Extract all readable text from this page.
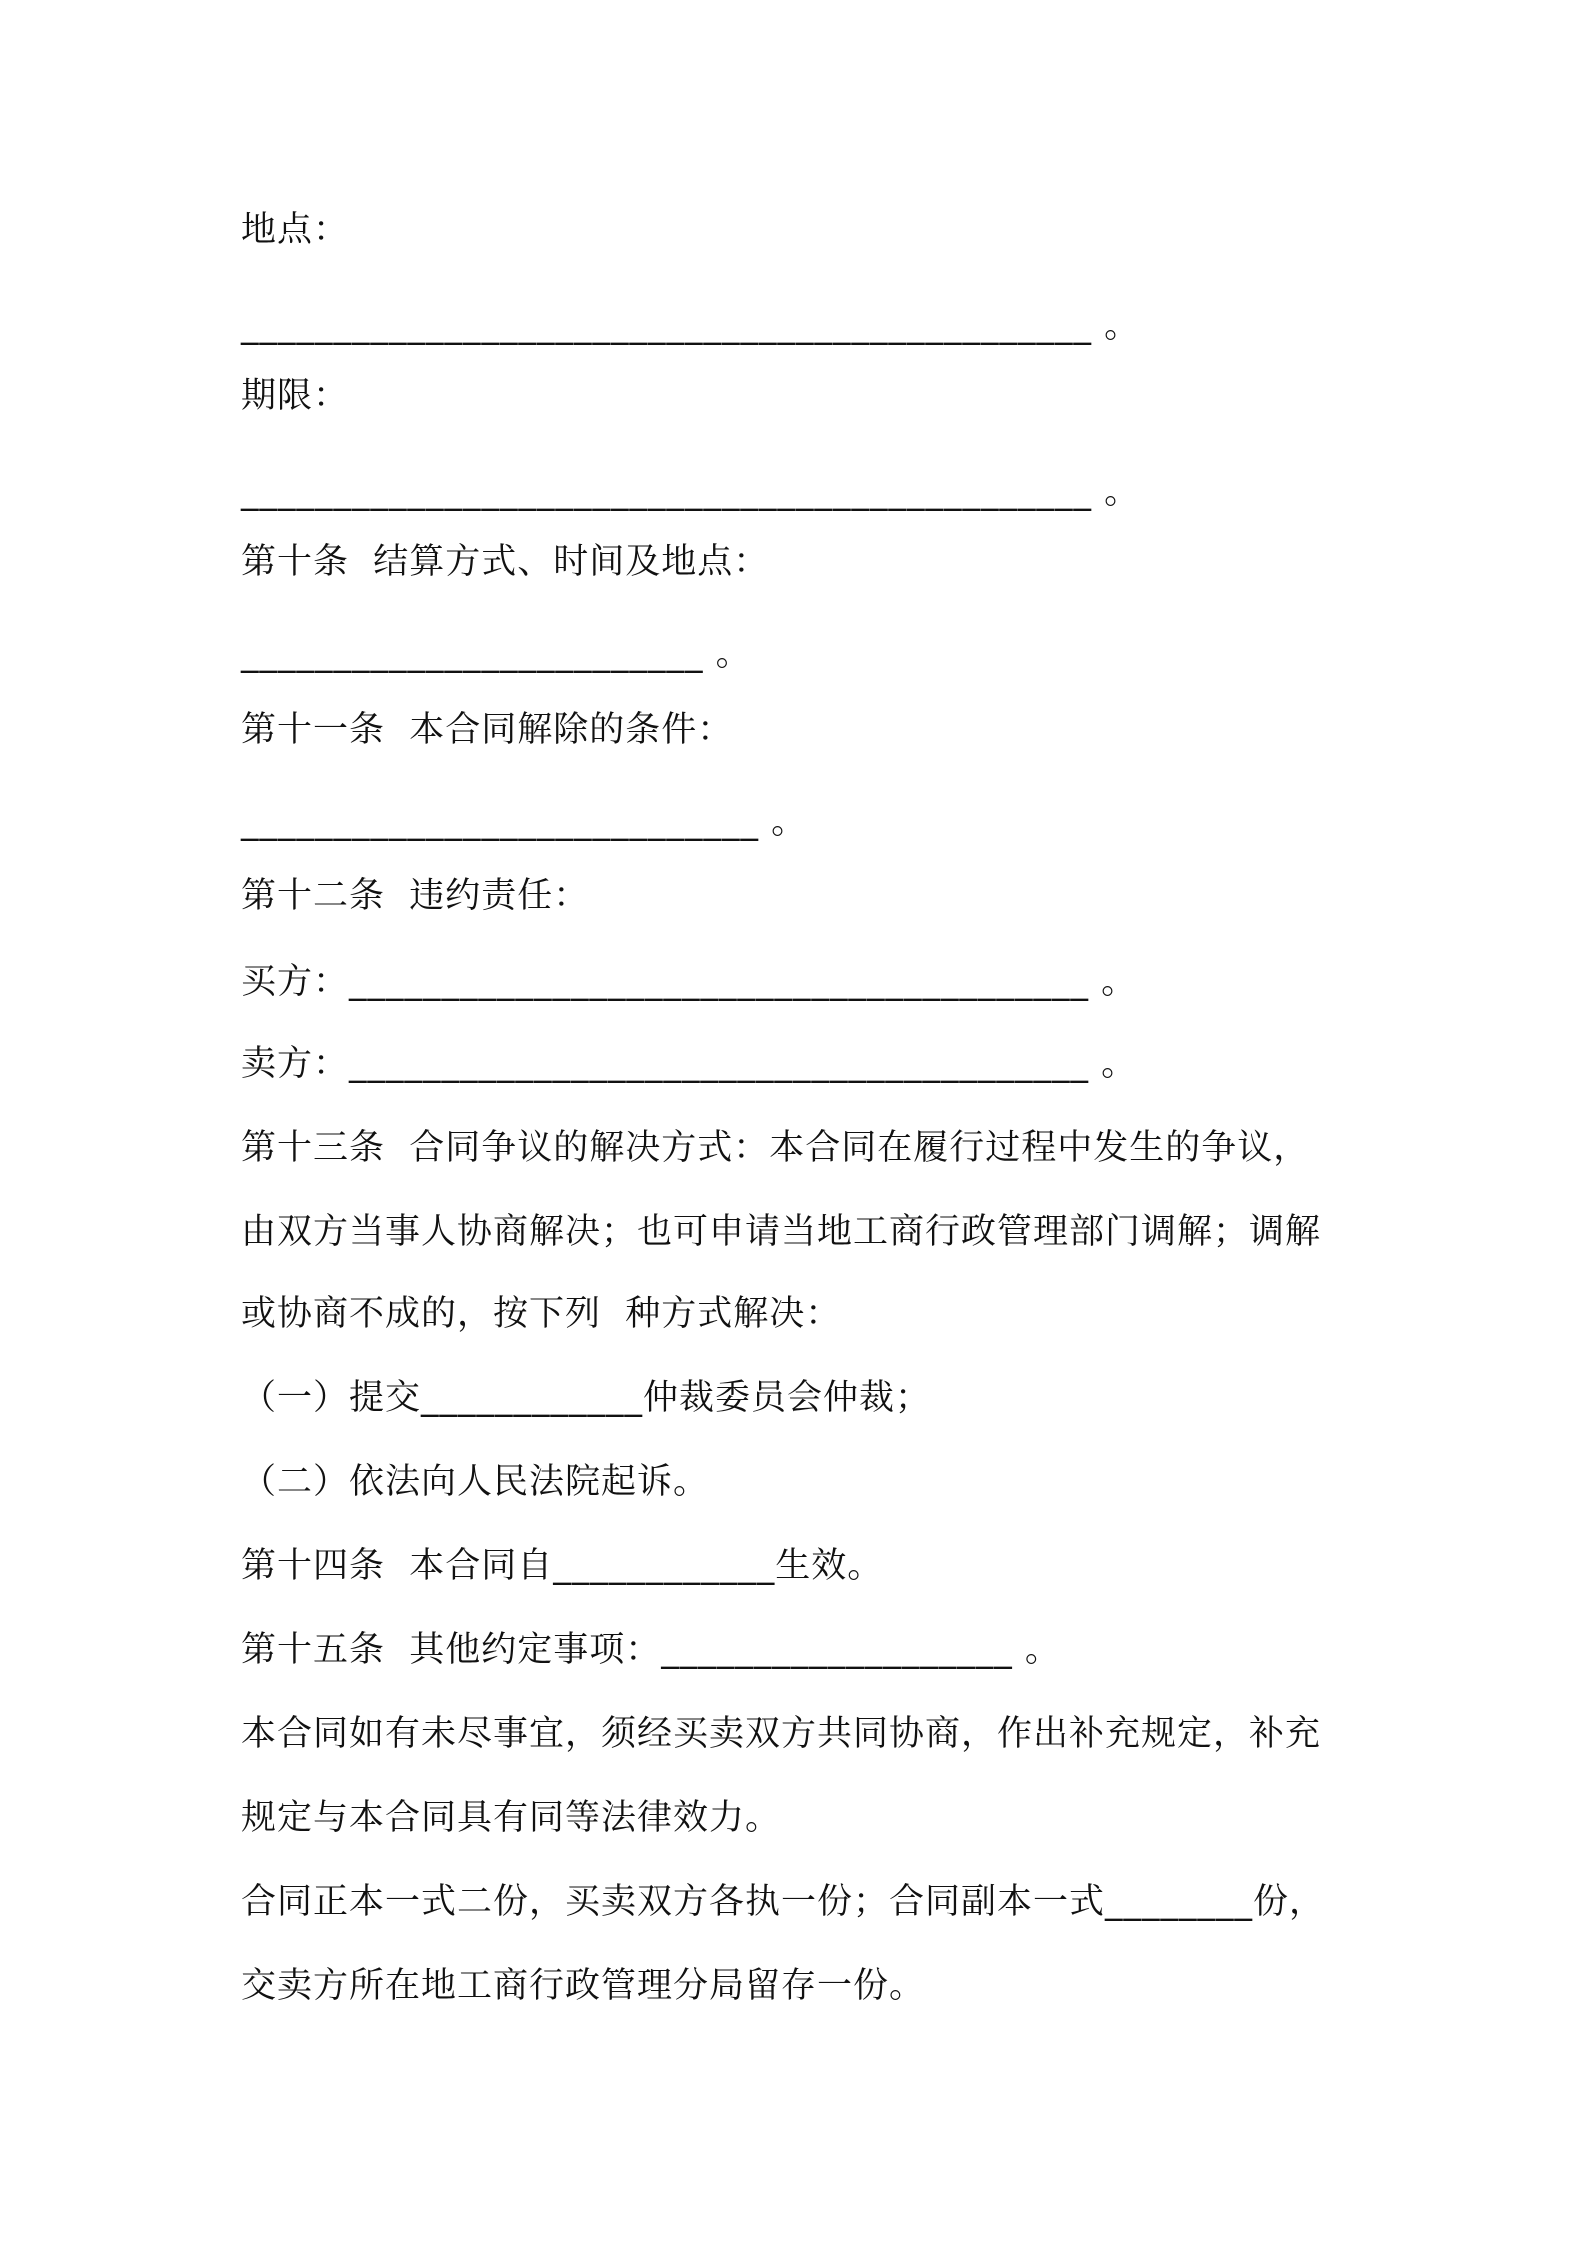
地点：
______________________________________________ 。
期限：
______________________________________________ 。
第十条  结算方式、时间及地点：
_________________________ 。
第十一条  本合同解除的条件：
____________________________ 。
第十二条  违约责任：
买方：________________________________________ 。
卖方：________________________________________ 。
第十三条  合同争议的解决方式：本合同在履行过程中发生的争议，
由双方当事人协商解决；也可申请当地工商行政管理部门调解；调解
或协商不成的，按下列  种方式解决：
（一）提交____________仲裁委员会仲裁；
（二）依法向人民法院起诉。
第十四条  本合同自____________生效。
第十五条  其他约定事项：___________________ 。
本合同如有未尽事宜，须经买卖双方共同协商，作出补充规定，补充
规定与本合同具有同等法律效力。
合同正本一式二份，买卖双方各执一份；合同副本一式________份，
交卖方所在地工商行政管理分局留存一份。
